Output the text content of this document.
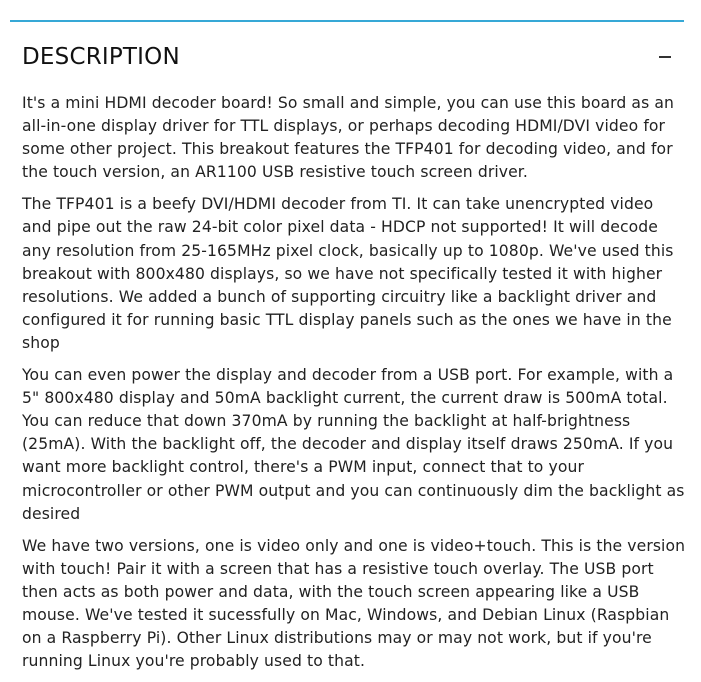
DESCRIPTION

It's a mini HDMI decoder board! So small and simple, you can use this board as an all-in-one display driver for TTL displays, or perhaps decoding HDMI/DVI video for some other project. This breakout features the TFP401 for decoding video, and for the touch version, an AR1100 USB resistive touch screen driver.

The TFP401 is a beefy DVI/HDMI decoder from TI. It can take unencrypted video and pipe out the raw 24-bit color pixel data - HDCP not supported! It will decode any resolution from 25-165MHz pixel clock, basically up to 1080p. We've used this breakout with 800x480 displays, so we have not specifically tested it with higher resolutions. We added a bunch of supporting circuitry like a backlight driver and configured it for running basic TTL display panels such as the ones we have in the shop

You can even power the display and decoder from a USB port. For example, with a 5" 800x480 display and 50mA backlight current, the current draw is 500mA total. You can reduce that down 370mA by running the backlight at half-brightness (25mA). With the backlight off, the decoder and display itself draws 250mA. If you want more backlight control, there's a PWM input, connect that to your microcontroller or other PWM output and you can continuously dim the backlight as desired

We have two versions, one is video only and one is video+touch. This is the version with touch! Pair it with a screen that has a resistive touch overlay. The USB port then acts as both power and data, with the touch screen appearing like a USB mouse. We've tested it sucessfully on Mac, Windows, and Debian Linux (Raspbian on a Raspberry Pi). Other Linux distributions may or may not work, but if you're running Linux you're probably used to that.
